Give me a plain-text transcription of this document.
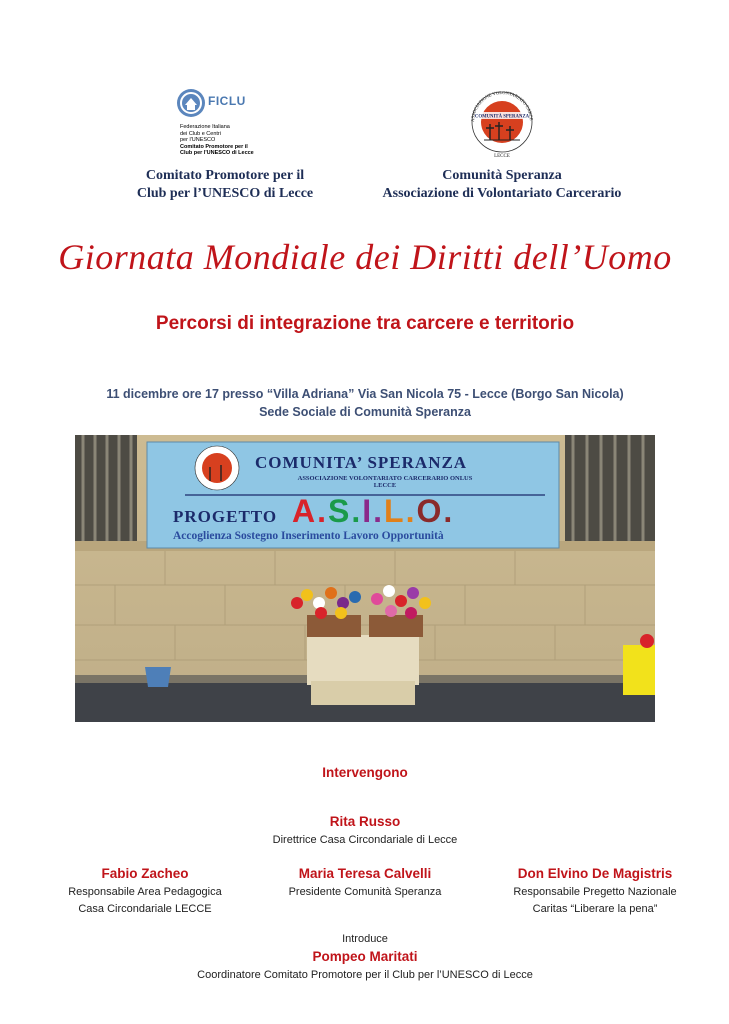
FICLU
Federazione Italiana
dei Club e Centri
per l'UNESCO
Comitato Promotore per il
Club per l'UNESCO di Lecce
ASSOCIAZIONE VOLONTARIATO CARCE
COMUNITÀ SPERANZA
LECCE
Comitato Promotore per il
Club per l’UNESCO di Lecce
Comunità Speranza
Associazione di Volontariato Carcerario
Giornata Mondiale dei Diritti dell’Uomo
Percorsi di integrazione tra carcere e territorio
11 dicembre ore 17 presso “Villa Adriana” Via San Nicola 75 - Lecce (Borgo San Nicola)
Sede Sociale di Comunità Speranza
COMUNITA’ SPERANZA
ASSOCIAZIONE VOLONTARIATO CARCERARIO ONLUS
LECCE
PROGETTO A.S.I.L.O.
Accoglienza Sostegno Inserimento Lavoro Opportunità
Intervengono
Rita Russo
Direttrice Casa Circondariale di Lecce
Fabio Zacheo
Responsabile Area Pedagogica
Casa Circondariale LECCE
Maria Teresa Calvelli
Presidente Comunità Speranza
Don Elvino De Magistris
Responsabile Pregetto Nazionale
Caritas “Liberare la pena”
Introduce
Pompeo Maritati
Coordinatore Comitato Promotore per il Club per l’UNESCO di Lecce
